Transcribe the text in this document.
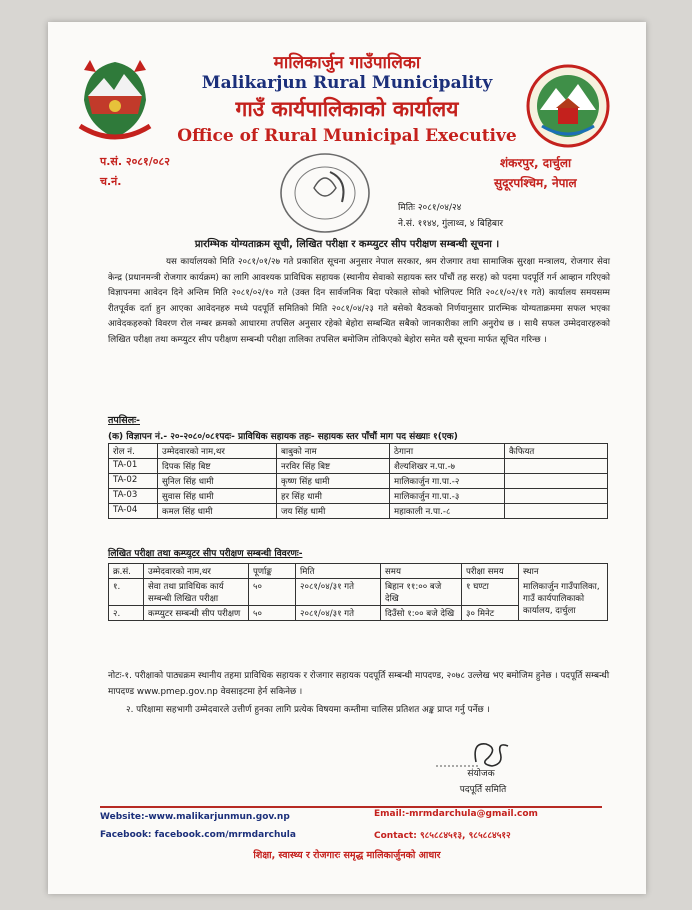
मालिकार्जुन गाउँपालिका
Malikarjun Rural Municipality
गाउँ कार्यपालिकाको कार्यालय
Office of Rural Municipal Executive
प.सं. २०८१/०८२
च.नं.
शंकरपुर, दार्चुला
सुदूरपश्चिम, नेपाल
मितिः २०८१/०४/२४
ने.सं. ११४४, गुंलाथ्व, ४ बिहिबार
प्रारम्भिक योग्यताक्रम सूची, लिखित परीक्षा र कम्प्युटर सीप परीक्षण सम्बन्धी सूचना ।
यस कार्यालयको मिति २०८१/०१/२७ गते प्रकाशित सूचना अनुसार नेपाल सरकार, श्रम रोजगार तथा सामाजिक सुरक्षा मन्त्रालय, रोजगार सेवा केन्द्र (प्रधानमन्त्री रोजगार कार्यक्रम) का लागि आवश्यक प्राविधिक सहायक (स्थानीय सेवाको सहायक स्तर पाँचौं तह सरह) को पदमा पदपूर्ति गर्न आव्हान गरिएको विज्ञापनमा आवेदन दिने अन्तिम मिति २०८१/०२/१० गते (उक्त दिन सार्वजनिक बिदा परेकाले सोको भोलिपल्ट मिति २०८१/०२/११ गते) कार्यालय समयसम्म रीतपूर्वक दर्ता हुन आएका आवेदनहरु मध्ये पदपूर्ति समितिको मिति २०८१/०४/२३ गते बसेको बैठकको निर्णयानुसार प्रारम्भिक योग्यताक्रममा सफल भएका आवेदकहरुको विवरण रोल नम्बर क्रमको आधारमा तपसिल अनुसार रहेको बेहोरा सम्बन्धित सबैको जानकारीका लागि अनुरोध छ । साथै सफल उम्मेदवारहरुको लिखित परीक्षा तथा कम्प्युटर सीप परीक्षण सम्बन्धी परीक्षा तालिका तपसिल बमोजिम तोकिएको बेहोरा समेत यसै सूचना मार्फत सूचित गरिन्छ ।
तपसिलः-
(क) विज्ञापन नं.- २०-२०८०/०८१पदः- प्राविधिक सहायक तहः- सहायक स्तर पाँचौं माग पद संख्याः १(एक)
रोल नं.	उम्मेदवारको नाम,थर	बाबुको नाम	ठेगाना	कैफियत
TA-01	दिपक सिंह बिष्ट	नरविर सिंह बिष्ट	शैल्यशिखर न.पा.-७	
TA-02	सुनिल सिंह धामी	कृष्ण सिंह धामी	मालिकार्जुन गा.पा.-२	
TA-03	सुवास सिंह धामी	हर सिंह धामी	मालिकार्जुन गा.पा.-३	
TA-04	कमल सिंह धामी	जय सिंह धामी	महाकाली न.पा.-८	
लिखित परीक्षा तथा कम्प्युटर सीप परीक्षण सम्बन्धी विवरणः-
क्र.सं.	उम्मेदवारको नाम,थर	पूर्णाङ्क	मिति	समय	परीक्षा समय	स्थान
१.	सेवा तथा प्राविधिक कार्य सम्बन्धी लिखित परीक्षा	५०	२०८१/०४/३१ गते	बिहान ११:०० बजे देखि	१ घण्टा	मालिकार्जुन गाउँपालिका, गाउँ कार्यपालिकाको कार्यालय, दार्चुला
२.	कम्प्युटर सम्बन्धी सीप परीक्षण	५०	२०८१/०४/३१ गते	दिउँसो १:०० बजे देखि	३० मिनेट	
नोटः-१. परीक्षाको पाठ्यक्रम स्थानीय तहमा प्राविधिक सहायक र रोजगार सहायक पदपूर्ति सम्बन्धी मापदण्ड, २०७८ उल्लेख भए बमोजिम हुनेछ । पदपूर्ति सम्बन्धी मापदण्ड www.pmep.gov.np वेवसाइटमा हेर्न सकिनेछ ।
२. परिक्षामा सहभागी उम्मेदवारले उत्तीर्ण हुनका लागि प्रत्येक विषयमा कम्तीमा चालिस प्रतिशत अङ्क प्राप्त गर्नु पर्नेछ ।
संयोजक
पदपूर्ति समिति
Website:-www.malikarjunmun.gov.np	Email:-mrmdarchula@gmail.com
Facebook: facebook.com/mrmdarchula	Contact: ९८५८८४५१३, ९८५८८४५१२
शिक्षा, स्वास्थ्य र रोजगारः समृद्ध मालिकार्जुनको आधार
